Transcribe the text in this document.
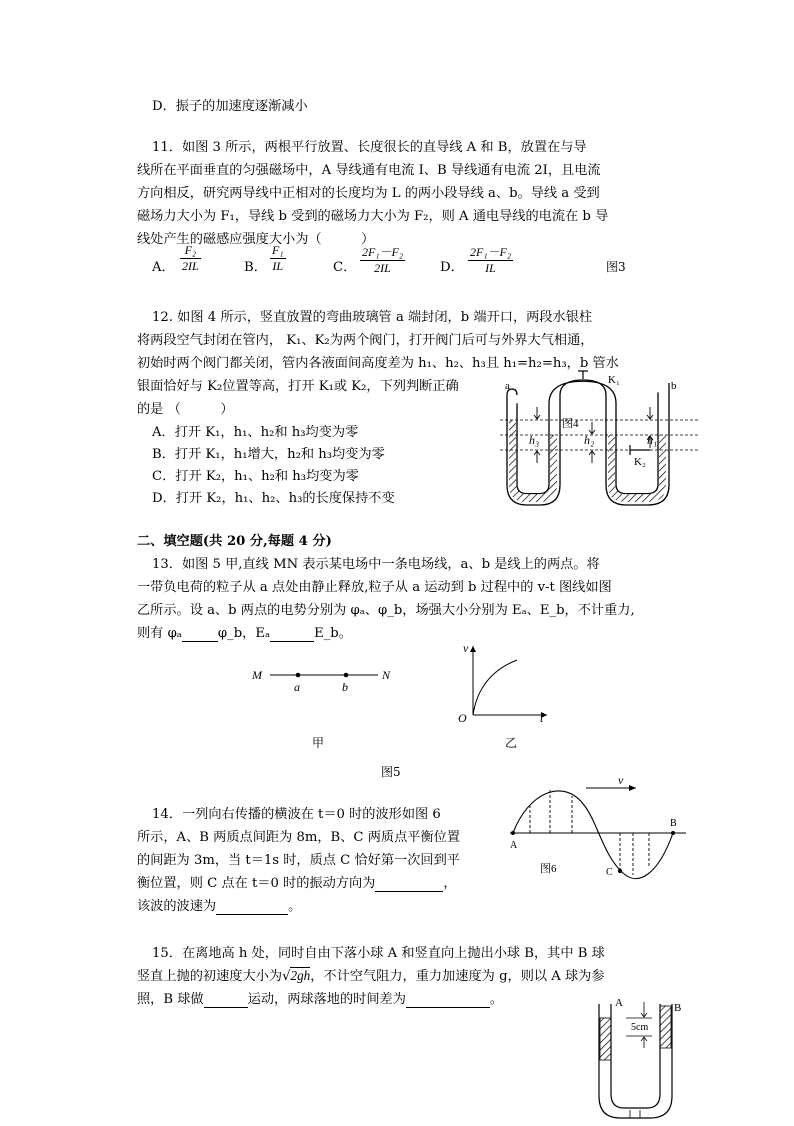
D．振子的加速度逐渐减小
11．如图 3 所示，两根平行放置、长度很长的直导线 A 和 B，放置在与导
线所在平面垂直的匀强磁场中，A 导线通有电流 I、B 导线通有电流 2I，且电流
方向相反，研究两导线中正相对的长度均为 L 的两小段导线 a、b。导线 a 受到
磁场力大小为 F₁，导线 b 受到的磁场力大小为 F₂，则 A 通电导线的电流在 b 导
线处产生的磁感应强度大小为（　　　）
A． $\frac{\text{F₂}}{2IL}$	B． $\frac{\text{F₁}}{IL}$	C． $\frac{\text{2F₁－F₂}}{2IL}$	D． $\frac{\text{2F₁－F₂}}{IL}$	图3
12. 如图 4 所示，竖直放置的弯曲玻璃管 a 端封闭，b 端开口，两段水银柱
将两段空气封闭在管内， K₁、K₂为两个阀门，打开阀门后可与外界大气相通，
初始时两个阀门都关闭，管内各液面间高度差为 h₁、h₂、h₃且 h₁=h₂=h₃，b 管水
银面恰好与 K₂位置等高，打开 K₁或 K₂，下列判断正确
的是 （　　　）
A．打开 K₁，h₁、h₂和 h₃均变为零
B．打开 K₁，h₁增大，h₂和 h₃均变为零
C．打开 K₂，h₁、h₂和 h₃均变为零
D．打开 K₂，h₁、h₂、h₃的长度保持不变
a	b
K₁
K₂
h₃	h₂	h₁
图4
二、填空题(共 20 分,每题 4 分)
13．如图 5 甲,直线 MN 表示某电场中一条电场线，a、b 是线上的两点。将
一带负电荷的粒子从 a 点处由静止释放,粒子从 a 运动到 b 过程中的 v-t 图线如图
乙所示。设 a、b 两点的电势分别为 φₐ、φ_b，场强大小分别为 Eₐ、E_b，不计重力,
则有 φₐ	φ_b，Eₐ	E_b。
M	N
a	b
v
t
O
甲	乙
图5
14．一列向右传播的横波在 t＝0 时的波形如图 6
所示，A、B 两质点间距为 8m，B、C 两质点平衡位置
的间距为 3m，当 t＝1s 时，质点 C 恰好第一次回到平
衡位置，则 C 点在 t＝0 时的振动方向为	，
该波的波速为	。
v
A
B
C
图6
15．在离地高 h 处，同时自由下落小球 A 和竖直向上抛出小球 B，其中 B 球
竖直上抛的初速度大小为√2gh，不计空气阻力，重力加速度为 g，则以 A 球为参
照，B 球做	运动，两球落地的时间差为	。	A	B
5cm
